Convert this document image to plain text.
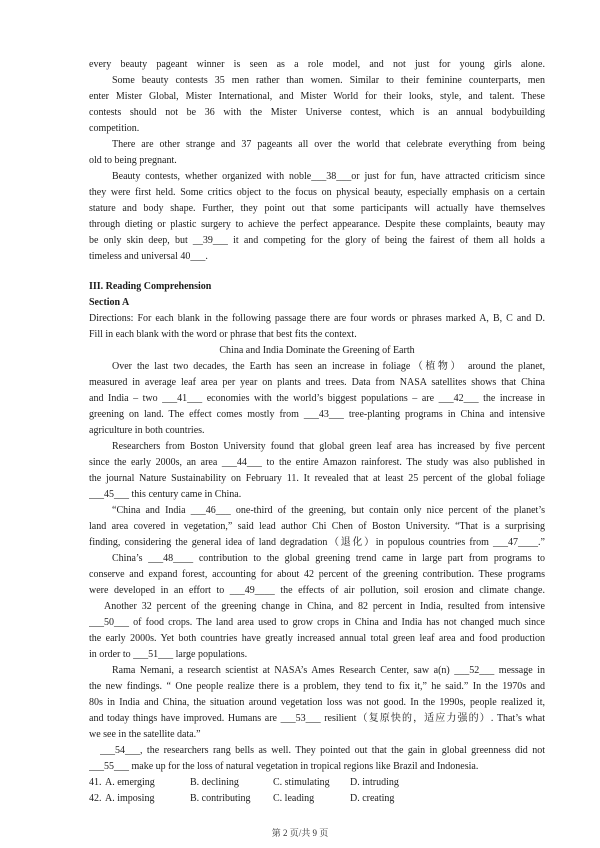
every beauty pageant winner is seen as a role model, and not just for young girls alone.
Some beauty contests 35 men rather than women. Similar to their feminine counterparts, men
enter Mister Global, Mister International, and Mister World for their looks, style, and talent. These
contests should not be 36 with the Mister Universe contest, which is an annual bodybuilding
competition.
There are other strange and 37 pageants all over the world that celebrate everything from being
old to being pregnant.
Beauty contests, whether organized with noble___38___or just for fun, have attracted criticism since
they were first held. Some critics object to the focus on physical beauty, especially emphasis on a certain
stature and body shape. Further, they point out that some participants will actually have themselves
through dieting or plastic surgery to achieve the perfect appearance. Despite these complaints, beauty may
be only skin deep, but __39___ it and competing for the glory of being the fairest of them all holds a
timeless and universal 40___.
III. Reading Comprehension
Section A
Directions: For each blank in the following passage there are four words or phrases marked A, B, C and D.
Fill in each blank with the word or phrase that best fits the context.
China and India Dominate the Greening of Earth
Over the last two decades, the Earth has seen an increase in foliage（植物） around the planet,
measured in average leaf area per year on plants and trees. Data from NASA satellites shows that China
and India – two ___41___ economies with the world’s biggest populations – are ___42___ the increase in
greening on land. The effect comes mostly from ___43___ tree-planting programs in China and intensive
agriculture in both countries.
Researchers from Boston University found that global green leaf area has increased by five percent
since the early 2000s, an area ___44___ to the entire Amazon rainforest. The study was also published in
the journal Nature Sustainability on February 11. It revealed that at least 25 percent of the global foliage
___45___ this century came in China.
“China and India ___46___ one-third of the greening, but contain only nice percent of the planet’s
land area covered in vegetation,” said lead author Chi Chen of Boston University. “That is a surprising
finding, considering the general idea of land degradation（退化）in populous countries from ___47____.”
China’s ___48____ contribution to the global greening trend came in large part from programs to
conserve and expand forest, accounting for about 42 percent of the greening contribution. These programs
were developed in an effort to ___49____ the effects of air pollution, soil erosion and climate change.
Another 32 percent of the greening change in China, and 82 percent in India, resulted from intensive
___50___ of food crops. The land area used to grow crops in China and India has not changed much since
the early 2000s. Yet both countries have greatly increased annual total green leaf area and food production
in order to ___51___ large populations.
Rama Nemani, a research scientist at NASA’s Ames Research Center, saw a(n) ___52___ message in
the new findings. “ One people realize there is a problem, they tend to fix it,” he said.” In the 1970s and
80s in India and China, the situation around vegetation loss was not good. In the 1990s, people realized it,
and today things have improved. Humans are ___53___ resilient（复原快的，适应力强的）. That’s what
we see in the satellite data.”
___54___, the researchers rang bells as well. They pointed out that the gain in global greenness did not
___55___ make up for the loss of natural vegetation in tropical regions like Brazil and Indonesia.
41. A. emerging	B. declining	C. stimulating D. intruding
42. A. imposing	B. contributing C. leading	D. creating
第 2 页/共 9 页
